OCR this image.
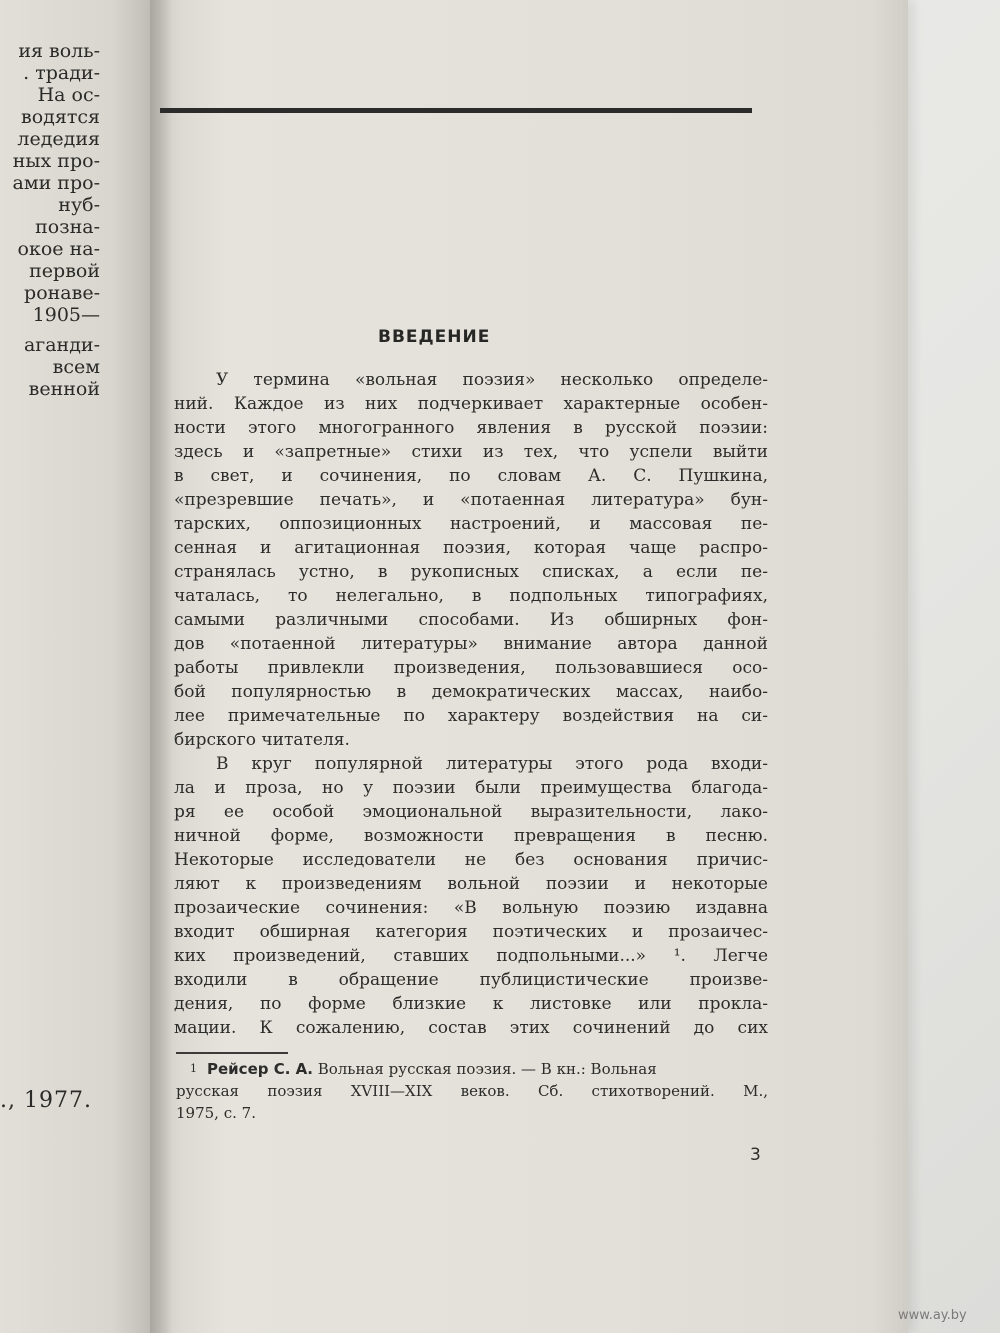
ия воль-
. тради-
На ос-
водятся
ледедия
ных про-
ами про-
нуб-
позна-
окое на-
первой
ронаве-
1905—
аганди-
всем
венной
., 1977.
ВВЕДЕНИЕ
У термина «вольная поэзия» несколько определе-
ний. Каждое из них подчеркивает характерные особен-
ности этого многогранного явления в русской поэзии:
здесь и «запретные» стихи из тех, что успели выйти
в свет, и сочинения, по словам А. С. Пушкина,
«презревшие печать», и «потаенная литература» бун-
тарских, оппозиционных настроений, и массовая пе-
сенная и агитационная поэзия, которая чаще распро-
странялась устно, в рукописных списках, а если пе-
чаталась, то нелегально, в подпольных типографиях,
самыми различными способами. Из обширных фон-
дов «потаенной литературы» внимание автора данной
работы привлекли произведения, пользовавшиеся осо-
бой популярностью в демократических массах, наибо-
лее примечательные по характеру воздействия на си-
бирского читателя.
В круг популярной литературы этого рода входи-
ла и проза, но у поэзии были преимущества благода-
ря ее особой эмоциональной выразительности, лако-
ничной форме, возможности превращения в песню.
Некоторые исследователи не без основания причис-
ляют к произведениям вольной поэзии и некоторые
прозаические сочинения: «В вольную поэзию издавна
входит обширная категория поэтических и прозаичес-
ких произведений, ставших подпольными...» ¹. Легче
входили в обращение публицистические произве-
дения, по форме близкие к листовке или прокла-
мации. К сожалению, состав этих сочинений до сих
$^1$ Рейсер С. А. Вольная русская поэзия. — В кн.: Вольная
русская поэзия XVIII—XIX веков. Сб. стихотворений. М.,
1975, с. 7.
3
www.ay.by
